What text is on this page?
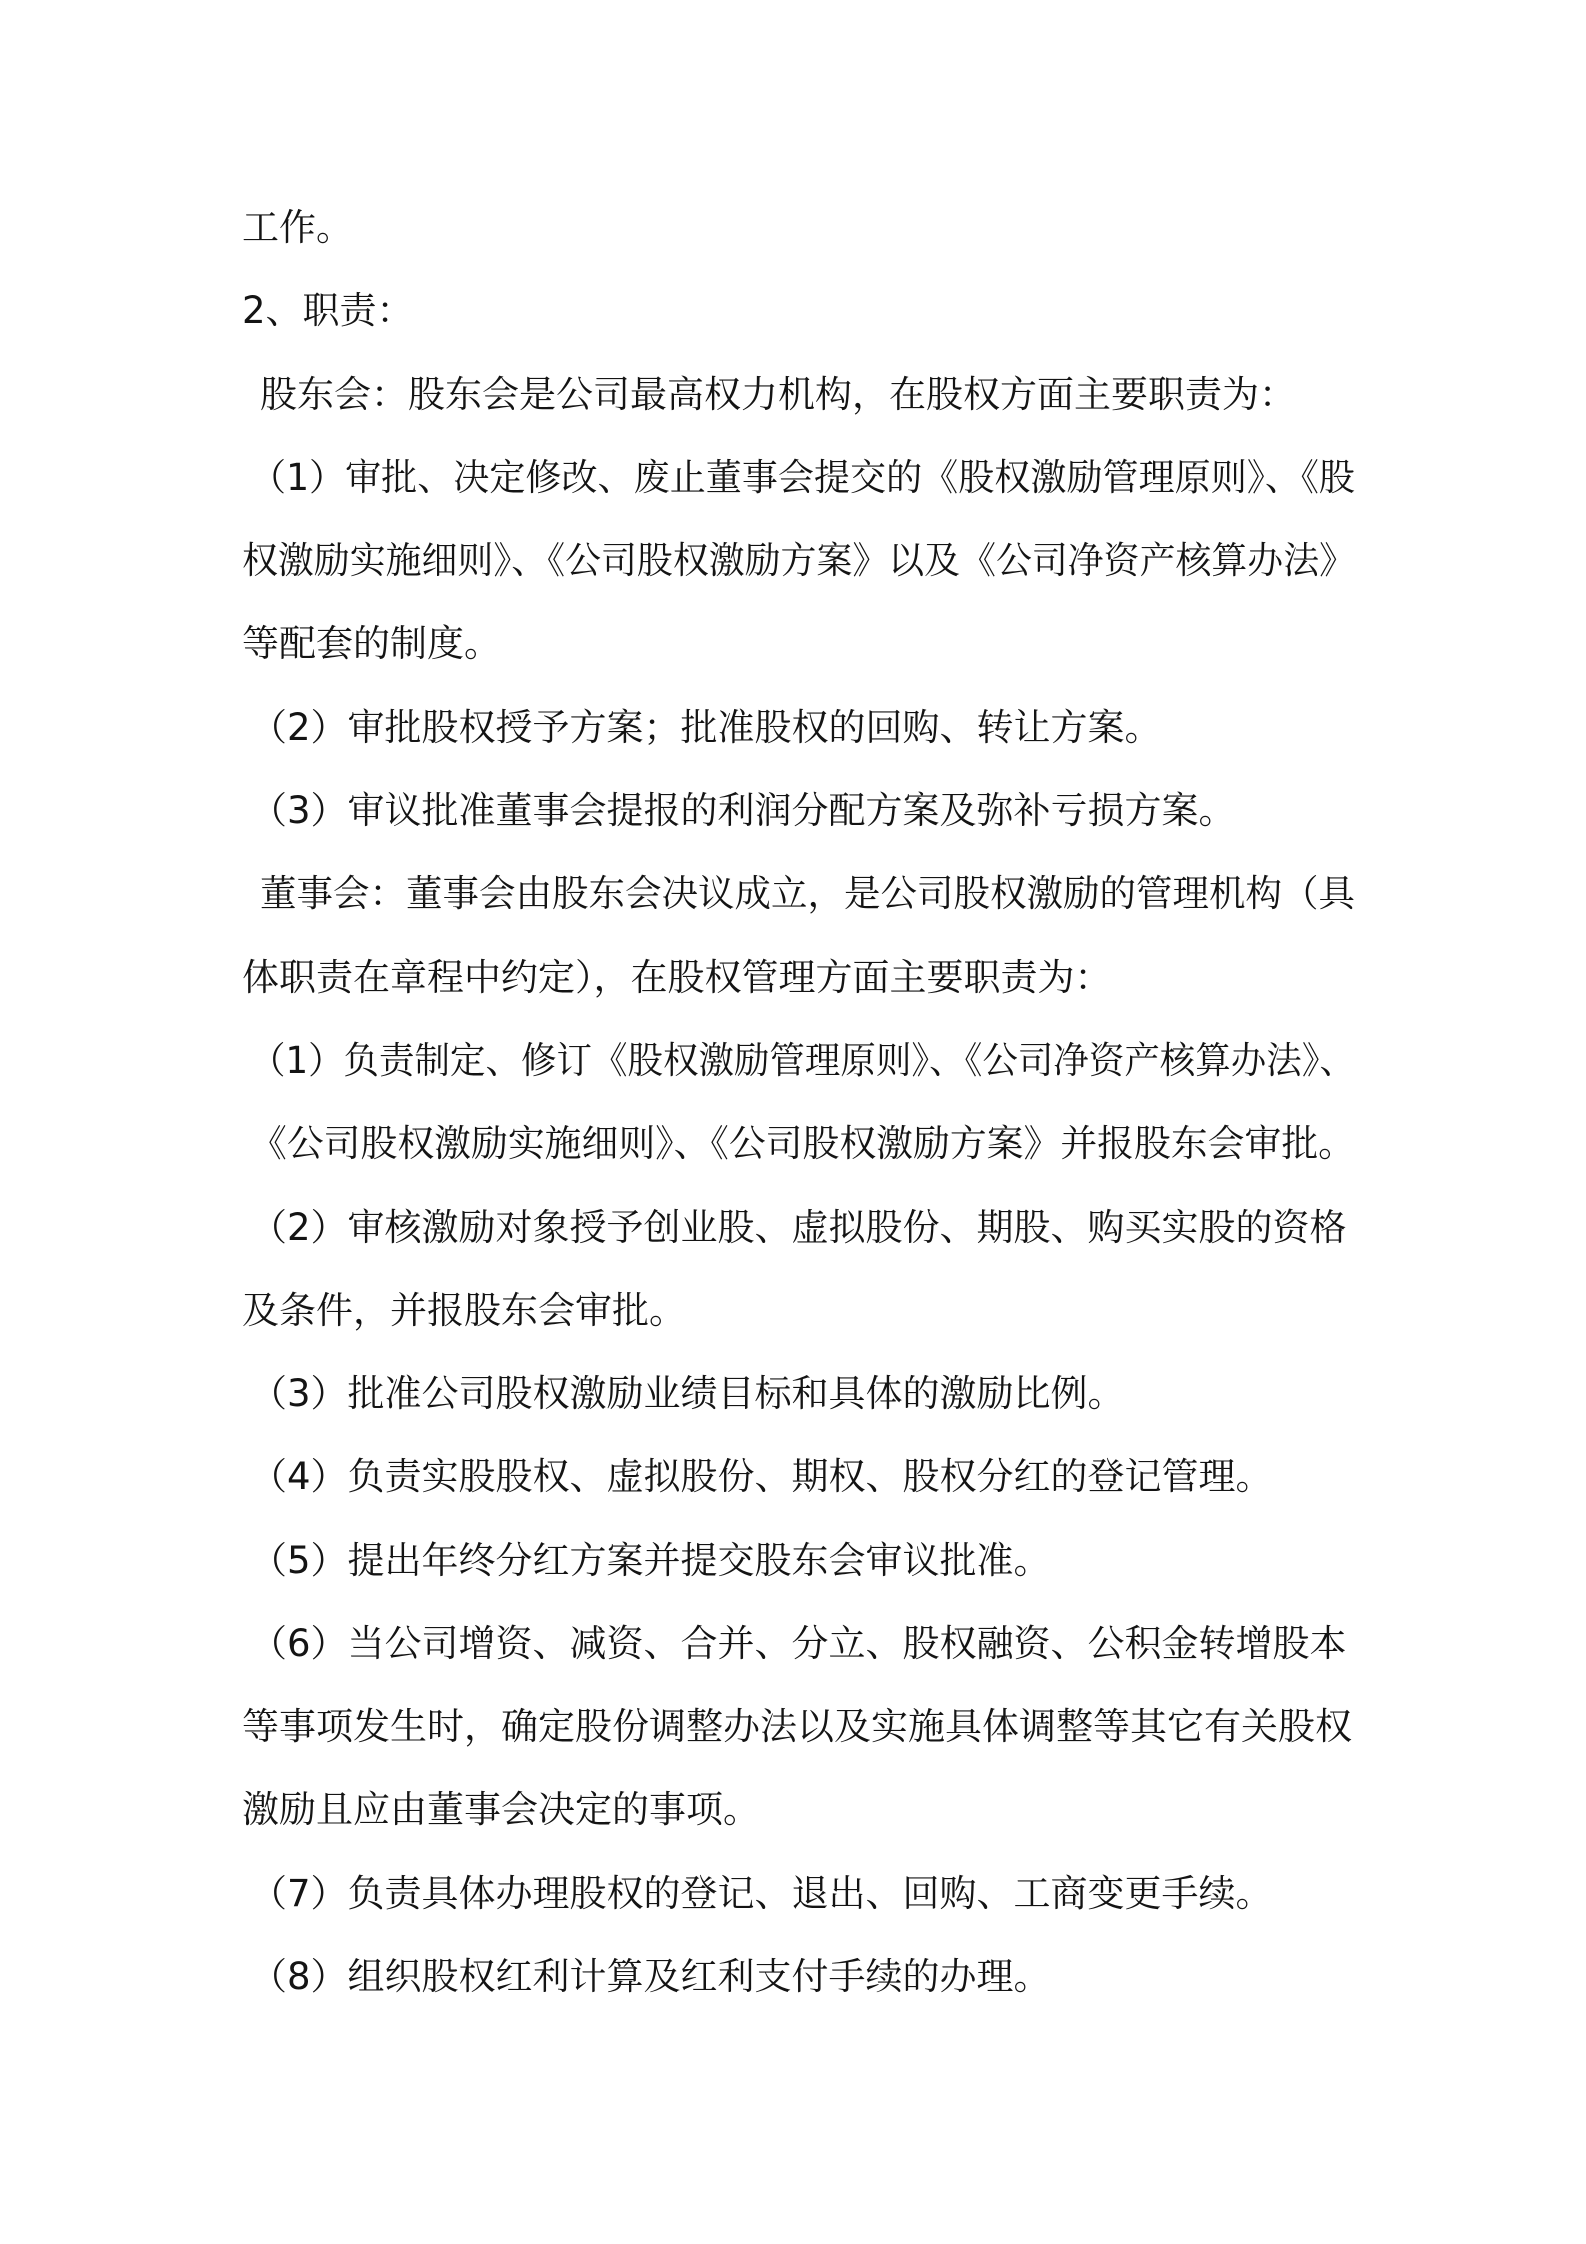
工作。
2、职责：
股东会：股东会是公司最高权力机构，在股权方面主要职责为：
（1）审批、决定修改、废止董事会提交的《股权激励管理原则》、《股
权激励实施细则》、《公司股权激励方案》以及《公司净资产核算办法》
等配套的制度。
（2）审批股权授予方案；批准股权的回购、转让方案。
（3）审议批准董事会提报的利润分配方案及弥补亏损方案。
董事会：董事会由股东会决议成立，是公司股权激励的管理机构（具
体职责在章程中约定），在股权管理方面主要职责为：
（1）负责制定、修订《股权激励管理原则》、《公司净资产核算办法》、
《公司股权激励实施细则》、《公司股权激励方案》并报股东会审批。
（2）审核激励对象授予创业股、虚拟股份、期股、购买实股的资格
及条件，并报股东会审批。
（3）批准公司股权激励业绩目标和具体的激励比例。
（4）负责实股股权、虚拟股份、期权、股权分红的登记管理。
（5）提出年终分红方案并提交股东会审议批准。
（6）当公司增资、减资、合并、分立、股权融资、公积金转增股本
等事项发生时，确定股份调整办法以及实施具体调整等其它有关股权
激励且应由董事会决定的事项。
（7）负责具体办理股权的登记、退出、回购、工商变更手续。
（8）组织股权红利计算及红利支付手续的办理。
